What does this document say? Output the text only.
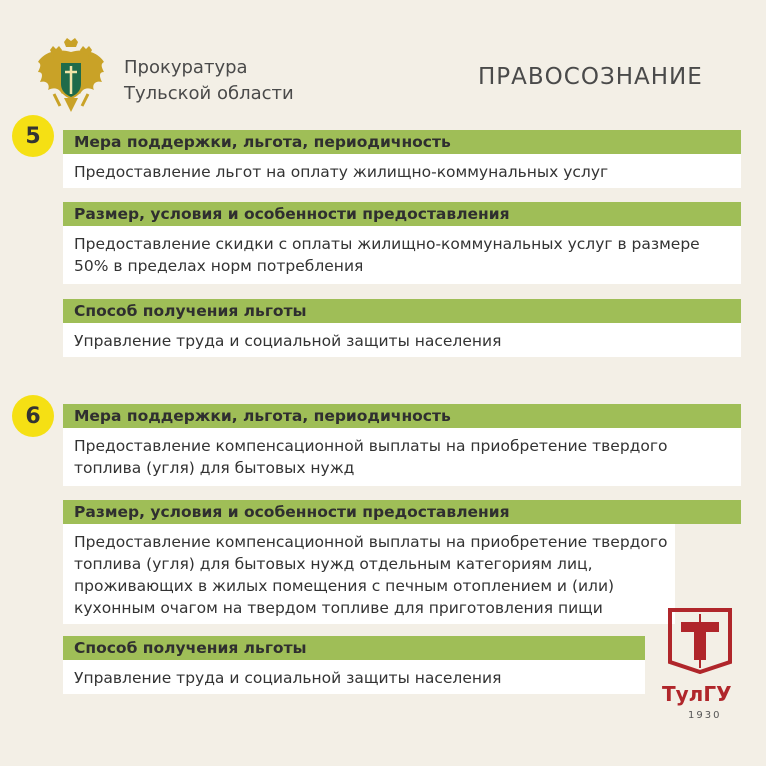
Прокуратура
Тульской области
ПРАВОСОЗНАНИЕ
5	Мера поддержки, льгота, периодичность
Предоставление льгот на оплату жилищно-коммунальных услуг
Размер, условия и особенности предоставления
Предоставление скидки с оплаты жилищно-коммунальных услуг в размере 50% в пределах норм потребления
Способ получения льготы
Управление труда и социальной защиты населения
6	Мера поддержки, льгота, периодичность
Предоставление компенсационной выплаты на приобретение твердого топлива (угля) для бытовых нужд
Размер, условия и особенности предоставления
Предоставление компенсационной выплаты на приобретение твердого топлива (угля) для бытовых нужд отдельным категориям лиц, проживающих в жилых помещения с печным отоплением и (или) кухонным очагом на твердом топливе для приготовления пищи
Способ получения льготы
Управление труда и социальной защиты населения
ТулГУ
1930
